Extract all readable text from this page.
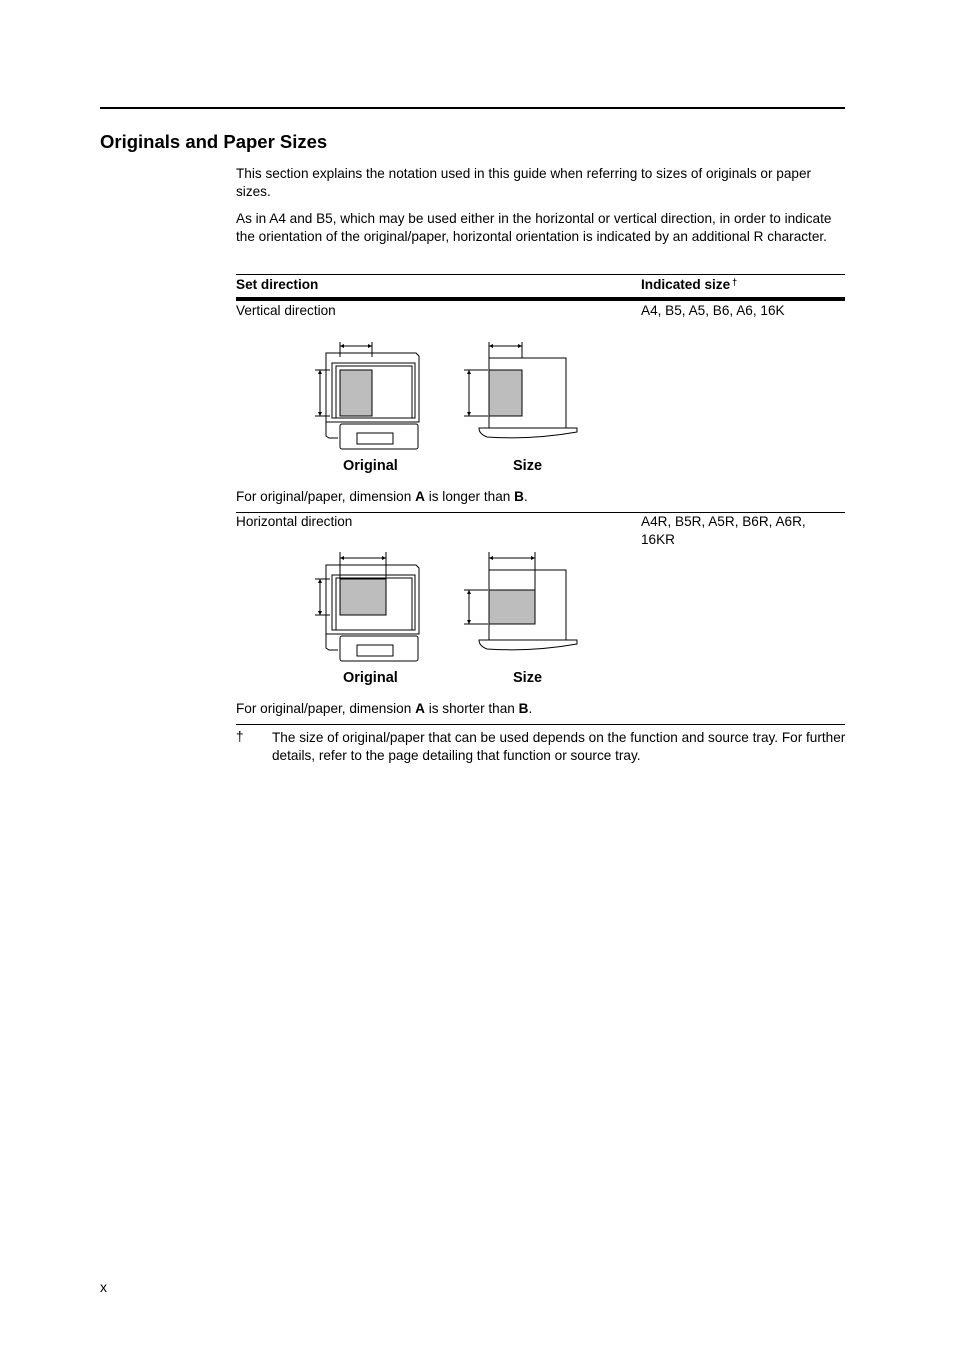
Originals and Paper Sizes
This section explains the notation used in this guide when referring to sizes of originals or paper sizes.
As in A4 and B5, which may be used either in the horizontal or vertical direction, in order to indicate the orientation of the original/paper, horizontal orientation is indicated by an additional R character.
Set direction	Indicated size †
Vertical direction	A4, B5, A5, B6, A6, 16K
Original	Size
For original/paper, dimension A is longer than B.
Horizontal direction	A4R, B5R, A5R, B6R, A6R, 16KR
Original	Size
For original/paper, dimension A is shorter than B.
† The size of original/paper that can be used depends on the function and source tray. For further details, refer to the page detailing that function or source tray.
x
